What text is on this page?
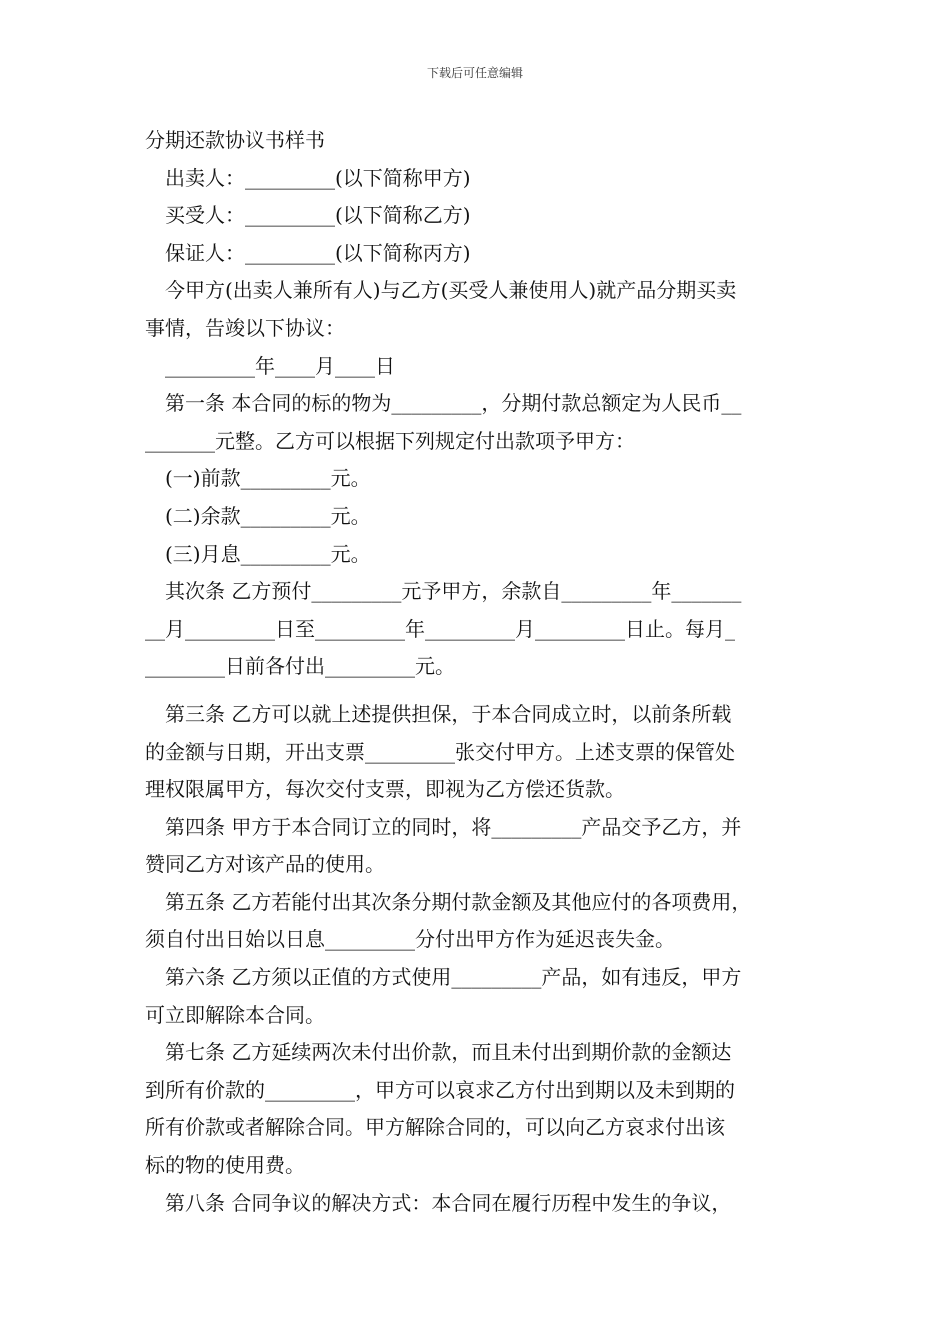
下载后可任意编辑
分期还款协议书样书
出卖人：_________(以下简称甲方)
买受人：_________(以下简称乙方)
保证人：_________(以下简称丙方)
今甲方(出卖人兼所有人)与乙方(买受人兼使用人)就产品分期买卖
事情，告竣以下协议：
_________年____月____日
第一条 本合同的标的物为_________，分期付款总额定为人民币__
_______元整。乙方可以根据下列规定付出款项予甲方：
(一)前款_________元。
(二)余款_________元。
(三)月息_________元。
其次条 乙方预付_________元予甲方，余款自_________年_______
__月_________日至_________年_________月_________日止。每月_
________日前各付出_________元。
第三条 乙方可以就上述提供担保，于本合同成立时，以前条所载
的金额与日期，开出支票_________张交付甲方。上述支票的保管处
理权限属甲方，每次交付支票，即视为乙方偿还货款。
第四条 甲方于本合同订立的同时，将_________产品交予乙方，并
赞同乙方对该产品的使用。
第五条 乙方若能付出其次条分期付款金额及其他应付的各项费用，
须自付出日始以日息_________分付出甲方作为延迟丧失金。
第六条 乙方须以正值的方式使用_________产品，如有违反，甲方
可立即解除本合同。
第七条 乙方延续两次未付出价款，而且未付出到期价款的金额达
到所有价款的_________，甲方可以哀求乙方付出到期以及未到期的
所有价款或者解除合同。甲方解除合同的，可以向乙方哀求付出该
标的物的使用费。
第八条 合同争议的解决方式：本合同在履行历程中发生的争议，
